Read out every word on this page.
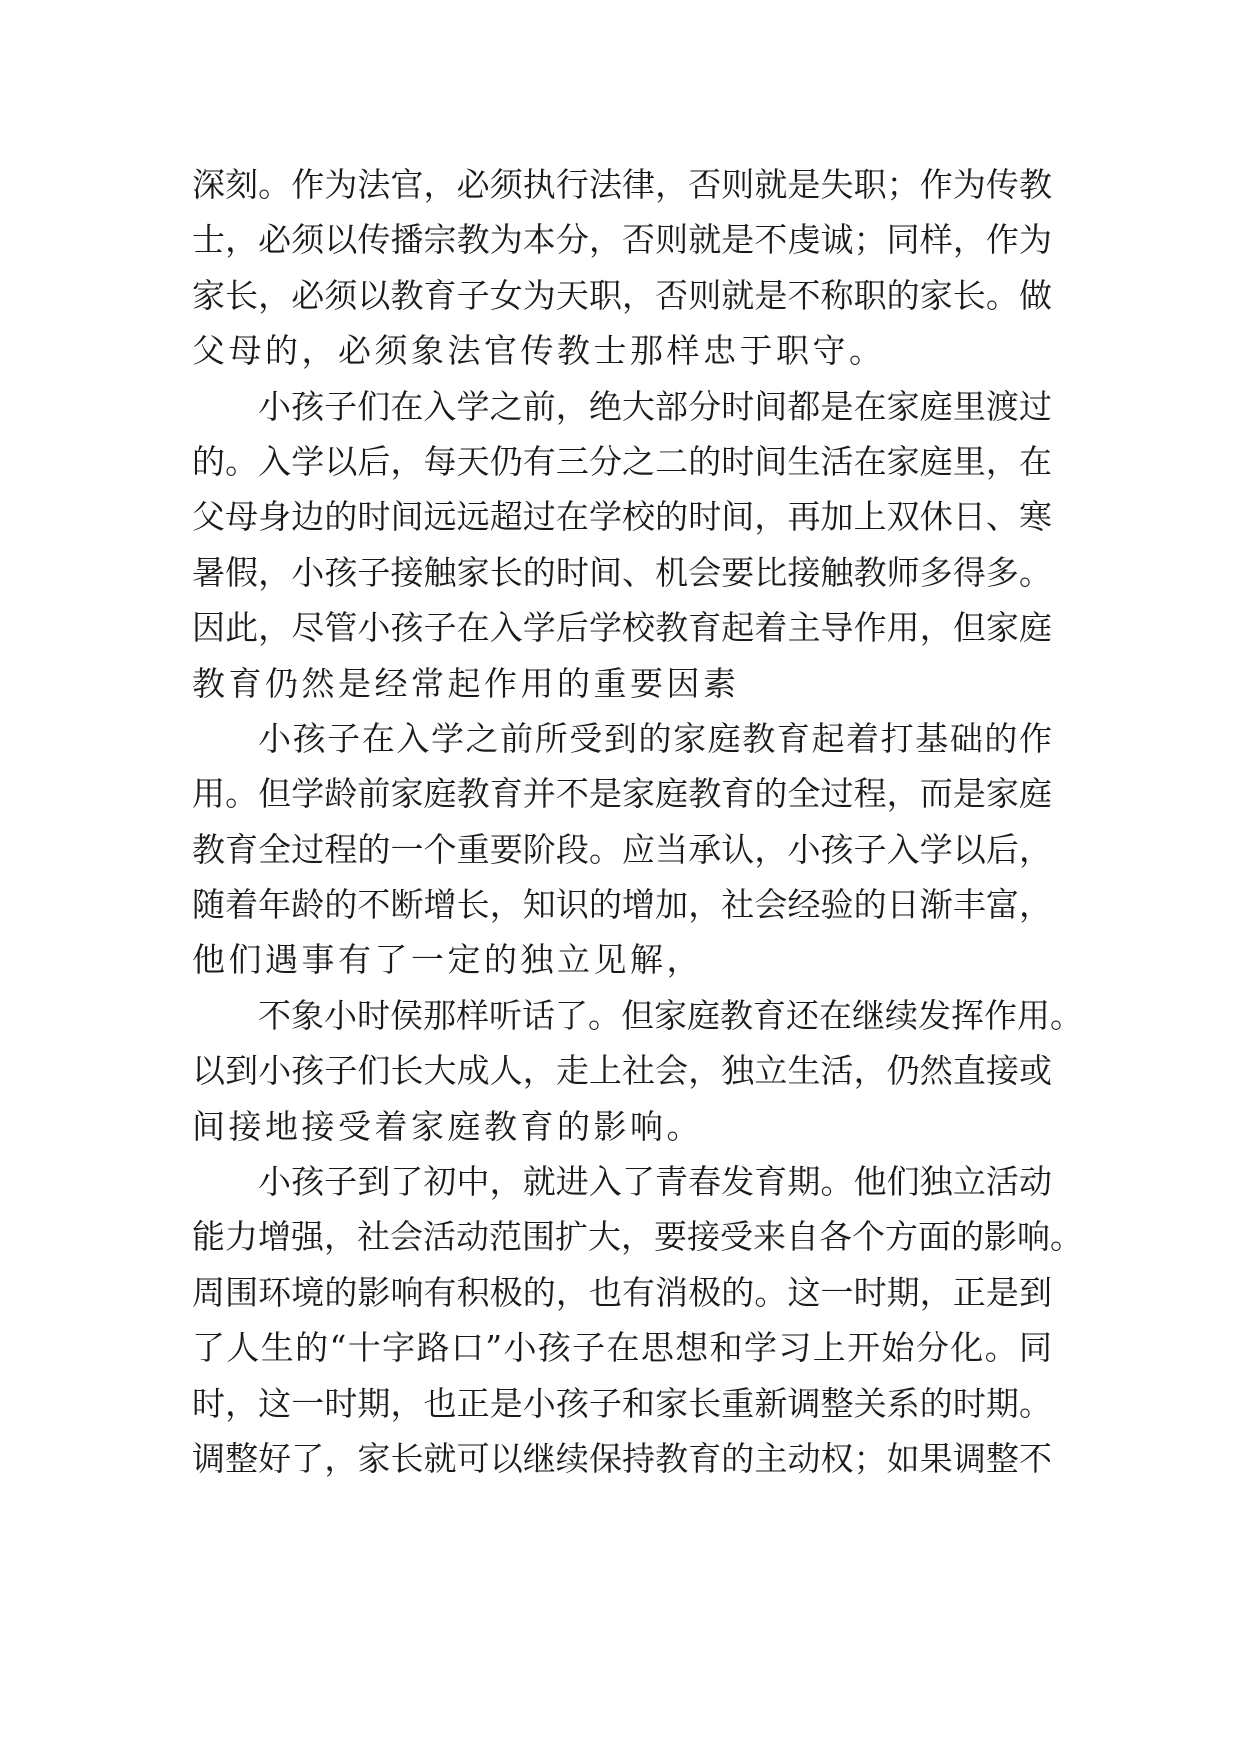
深刻。作为法官，必须执行法律，否则就是失职；作为传教
士，必须以传播宗教为本分，否则就是不虔诚；同样，作为
家长，必须以教育子女为天职，否则就是不称职的家长。做
父母的，必须象法官传教士那样忠于职守。
小孩子们在入学之前，绝大部分时间都是在家庭里渡过
的。入学以后，每天仍有三分之二的时间生活在家庭里，在
父母身边的时间远远超过在学校的时间，再加上双休日、寒
暑假，小孩子接触家长的时间、机会要比接触教师多得多。
因此，尽管小孩子在入学后学校教育起着主导作用，但家庭
教育仍然是经常起作用的重要因素
小孩子在入学之前所受到的家庭教育起着打基础的作
用。但学龄前家庭教育并不是家庭教育的全过程，而是家庭
教育全过程的一个重要阶段。应当承认，小孩子入学以后，
随着年龄的不断增长，知识的增加，社会经验的日渐丰富，
他们遇事有了一定的独立见解，
不象小时侯那样听话了。但家庭教育还在继续发挥作用。
以到小孩子们长大成人，走上社会，独立生活，仍然直接或
间接地接受着家庭教育的影响。
小孩子到了初中，就进入了青春发育期。他们独立活动
能力增强，社会活动范围扩大，要接受来自各个方面的影响。
周围环境的影响有积极的，也有消极的。这一时期，正是到
了人生的“十字路口”小孩子在思想和学习上开始分化。同
时，这一时期，也正是小孩子和家长重新调整关系的时期。
调整好了，家长就可以继续保持教育的主动权；如果调整不
